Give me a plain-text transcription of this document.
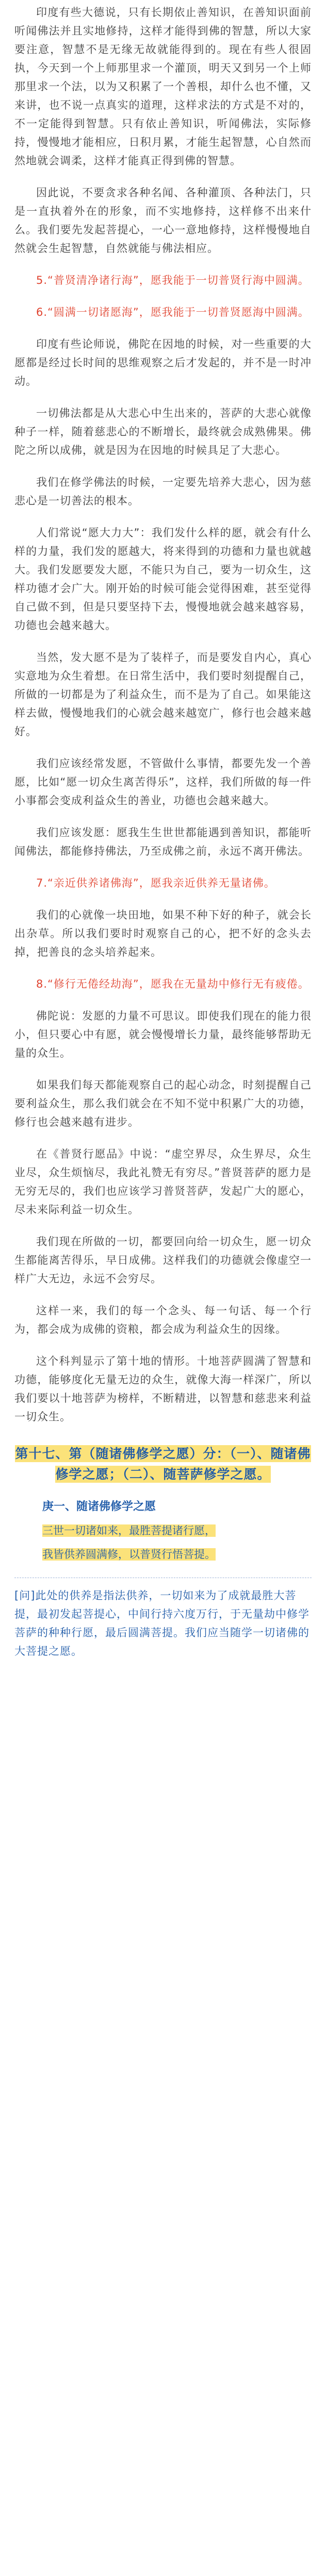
印度有些大德说，只有长期依止善知识，在善知识面前听闻佛法并且实地修持，这样才能得到佛的智慧，所以大家要注意，智慧不是无缘无故就能得到的。现在有些人很固执，今天到一个上师那里求一个灌顶，明天又到另一个上师那里求一个法，以为又积累了一个善根，却什么也不懂，又来讲，也不说一点真实的道理，这样求法的方式是不对的，不一定能得到智慧。只有依止善知识，听闻佛法，实际修持，慢慢地才能相应，日积月累，才能生起智慧，心自然而然地就会调柔，这样才能真正得到佛的智慧。

因此说，不要贪求各种名闻、各种灌顶、各种法门，只是一直执着外在的形象，而不实地修持，这样修不出来什么。我们要先发起菩提心，一心一意地修持，这样慢慢地自然就会生起智慧，自然就能与佛法相应。

5.“普贤清净诸行海”，愿我能于一切普贤行海中圆满。

6.“圆满一切诸愿海”，愿我能于一切普贤愿海中圆满。

印度有些论师说，佛陀在因地的时候，对一些重要的大愿都是经过长时间的思维观察之后才发起的，并不是一时冲动。

一切佛法都是从大悲心中生出来的，菩萨的大悲心就像种子一样，随着慈悲心的不断增长，最终就会成熟佛果。佛陀之所以成佛，就是因为在因地的时候具足了大悲心。

我们在修学佛法的时候，一定要先培养大悲心，因为慈悲心是一切善法的根本。

人们常说“愿大力大”：我们发什么样的愿，就会有什么样的力量，我们发的愿越大，将来得到的功德和力量也就越大。我们发愿要发大愿，不能只为自己，要为一切众生，这样功德才会广大。刚开始的时候可能会觉得困难，甚至觉得自己做不到，但是只要坚持下去，慢慢地就会越来越容易，功德也会越来越大。

当然，发大愿不是为了装样子，而是要发自内心，真心实意地为众生着想。在日常生活中，我们要时刻提醒自己，所做的一切都是为了利益众生，而不是为了自己。如果能这样去做，慢慢地我们的心就会越来越宽广，修行也会越来越好。

我们应该经常发愿，不管做什么事情，都要先发一个善愿，比如“愿一切众生离苦得乐”，这样，我们所做的每一件小事都会变成利益众生的善业，功德也会越来越大。

我们应该发愿：愿我生生世世都能遇到善知识，都能听闻佛法，都能修持佛法，乃至成佛之前，永远不离开佛法。

7.“亲近供养诸佛海”，愿我亲近供养无量诸佛。

我们的心就像一块田地，如果不种下好的种子，就会长出杂草。所以我们要时时观察自己的心，把不好的念头去掉，把善良的念头培养起来。

8.“修行无倦经劫海”，愿我在无量劫中修行无有疲倦。

佛陀说：发愿的力量不可思议。即使我们现在的能力很小，但只要心中有愿，就会慢慢增长力量，最终能够帮助无量的众生。

如果我们每天都能观察自己的起心动念，时刻提醒自己要利益众生，那么我们就会在不知不觉中积累广大的功德，修行也会越来越有进步。

在《普贤行愿品》中说：“虚空界尽，众生界尽，众生业尽，众生烦恼尽，我此礼赞无有穷尽。”普贤菩萨的愿力是无穷无尽的，我们也应该学习普贤菩萨，发起广大的愿心，尽未来际利益一切众生。

我们现在所做的一切，都要回向给一切众生，愿一切众生都能离苦得乐，早日成佛。这样我们的功德就会像虚空一样广大无边，永远不会穷尽。

这样一来，我们的每一个念头、每一句话、每一个行为，都会成为成佛的资粮，都会成为利益众生的因缘。

这个科判显示了第十地的情形。十地菩萨圆满了智慧和功德，能够度化无量无边的众生，就像大海一样深广，所以我们要以十地菩萨为榜样，不断精进，以智慧和慈悲来利益一切众生。

第十七、第（随诸佛修学之愿）分：（一）、随诸佛修学之愿；（二）、随菩萨修学之愿。
庚一、随诸佛修学之愿
三世一切诸如来，最胜菩提诸行愿，
我皆供养圆满修，以普贤行悟菩提。
[问]此处的供养是指法供养，一切如来为了成就最胜大菩提，最初发起菩提心，中间行持六度万行，于无量劫中修学菩萨的种种行愿，最后圆满菩提。我们应当随学一切诸佛的大菩提之愿。
